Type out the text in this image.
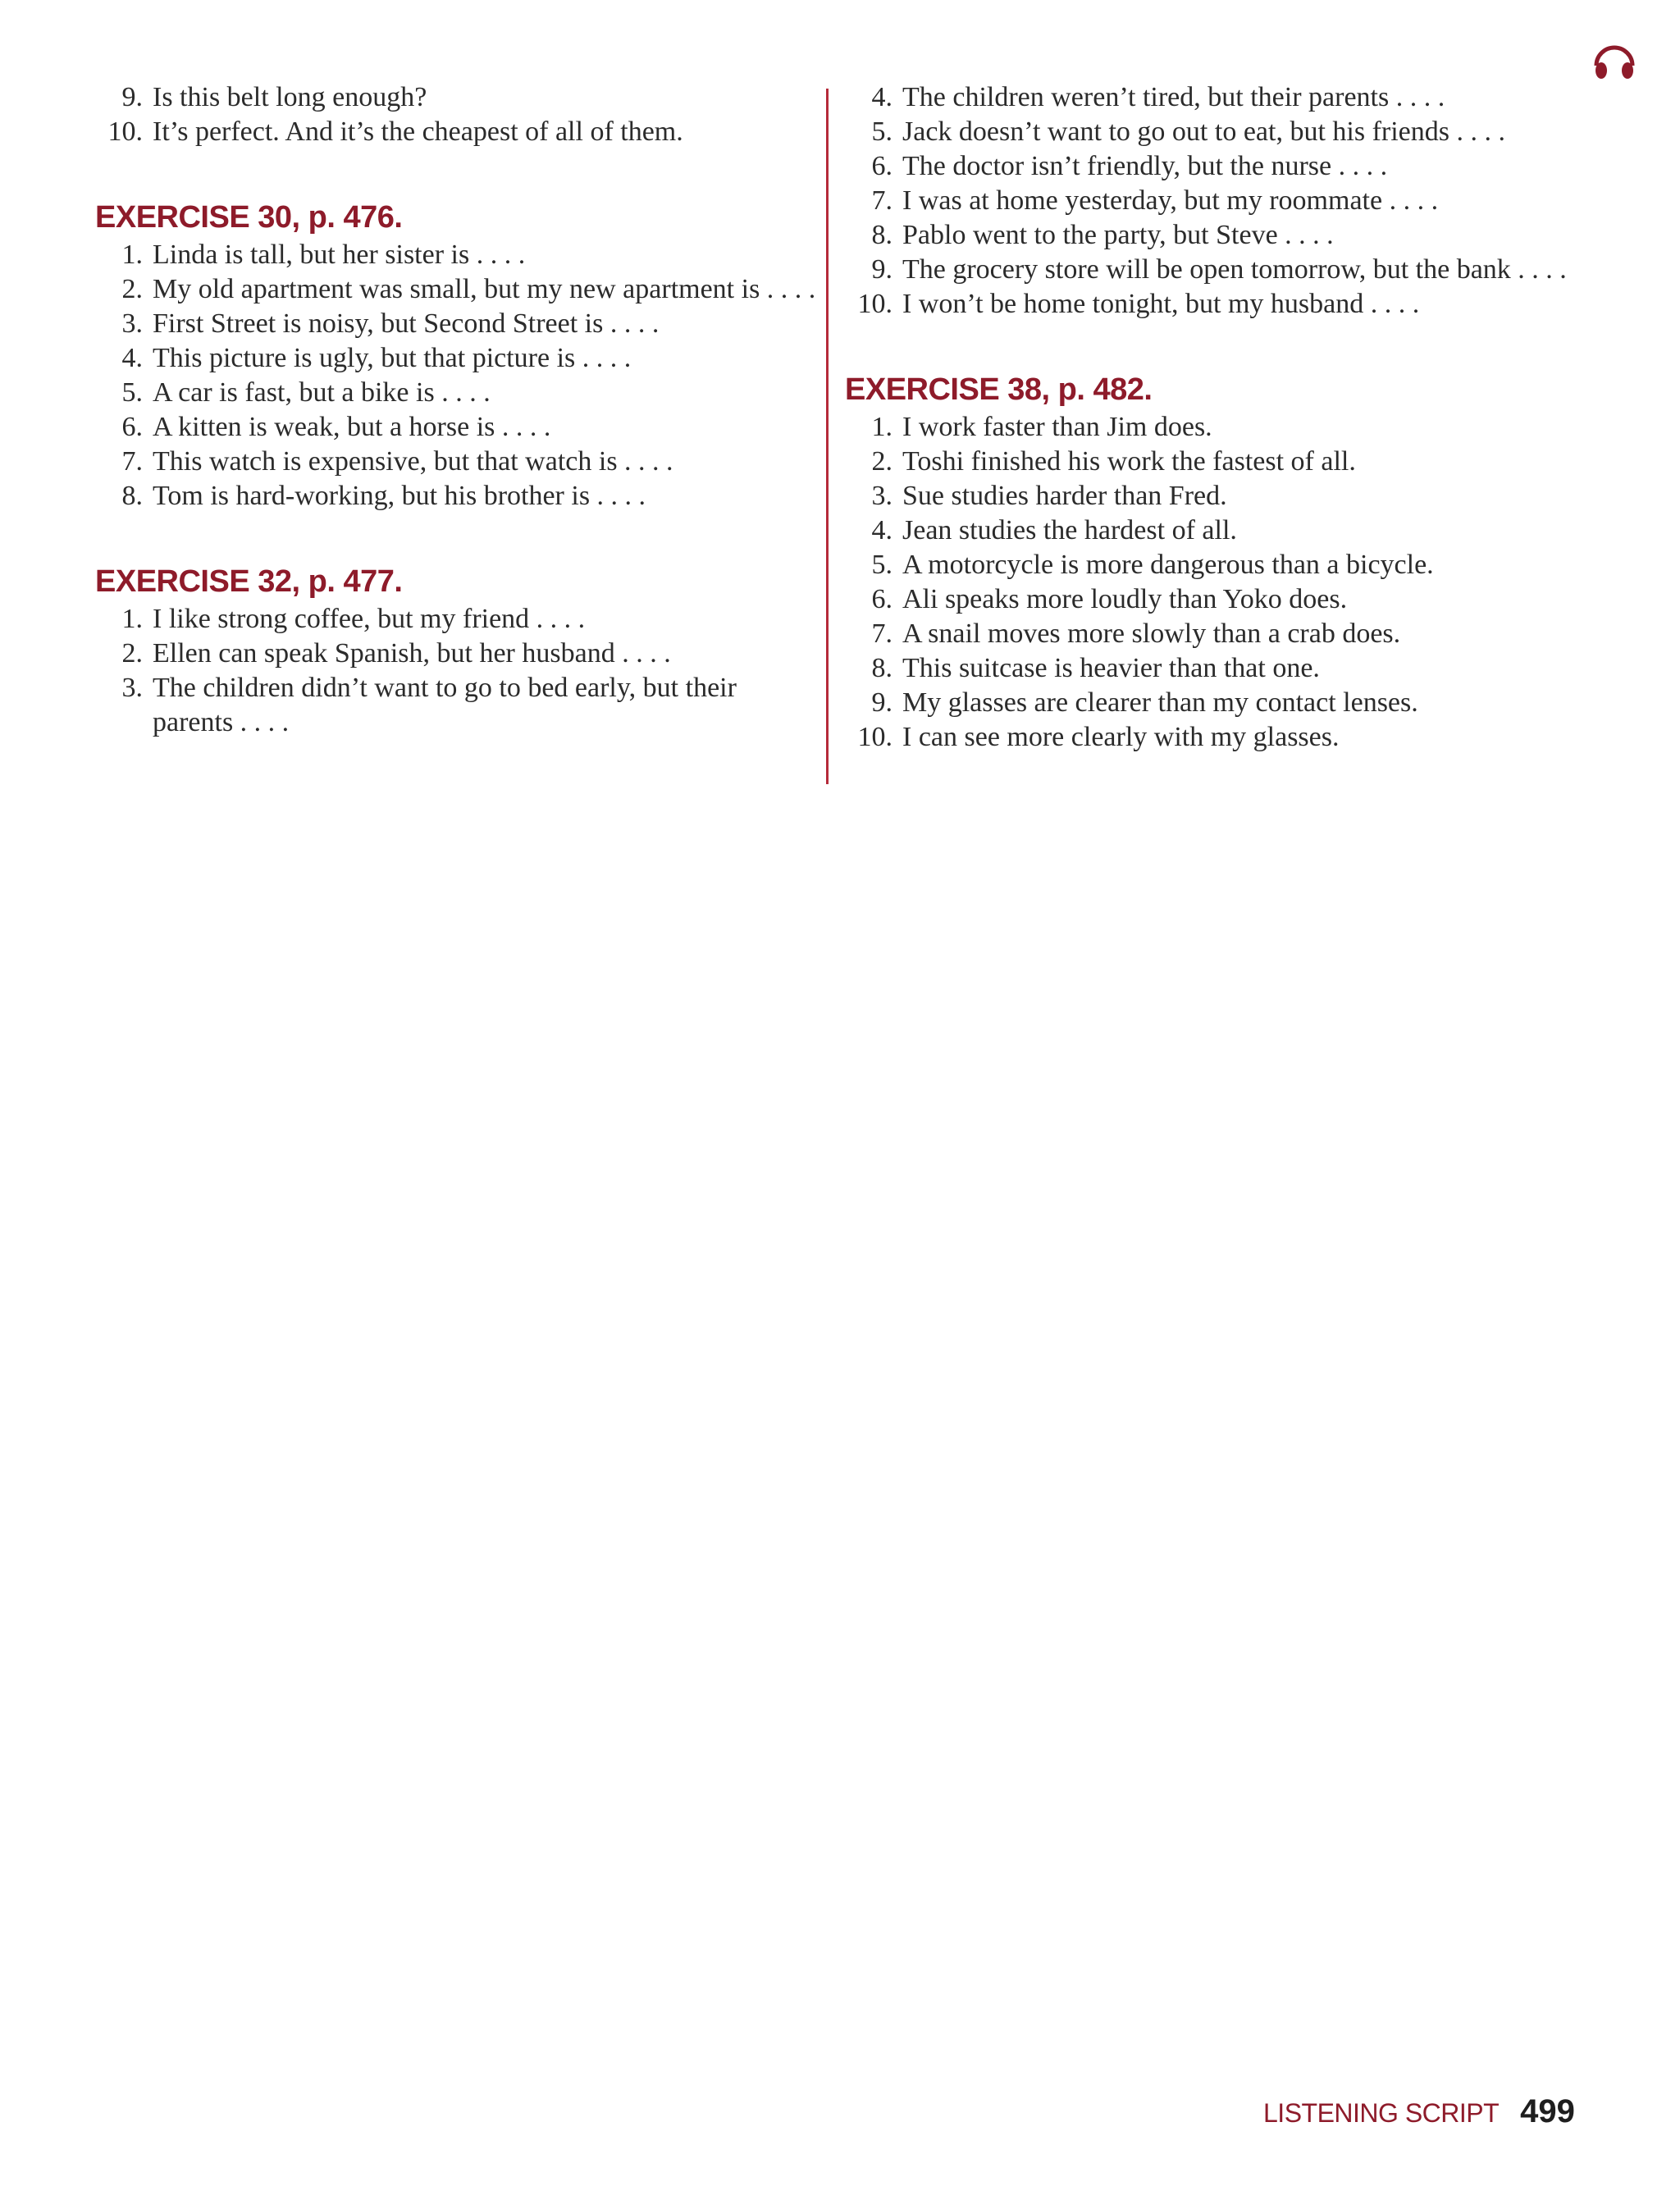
9. Is this belt long enough?
10. It’s perfect. And it’s the cheapest of all of them.
EXERCISE 30, p. 476.
1. Linda is tall, but her sister is . . . .
2. My old apartment was small, but my new apartment is . . . .
3. First Street is noisy, but Second Street is . . . .
4. This picture is ugly, but that picture is . . . .
5. A car is fast, but a bike is . . . .
6. A kitten is weak, but a horse is . . . .
7. This watch is expensive, but that watch is . . . .
8. Tom is hard-working, but his brother is . . . .
EXERCISE 32, p. 477.
1. I like strong coffee, but my friend . . . .
2. Ellen can speak Spanish, but her husband . . . .
3. The children didn’t want to go to bed early, but their parents . . . .
4. The children weren’t tired, but their parents . . . .
5. Jack doesn’t want to go out to eat, but his friends . . . .
6. The doctor isn’t friendly, but the nurse . . . .
7. I was at home yesterday, but my roommate . . . .
8. Pablo went to the party, but Steve . . . .
9. The grocery store will be open tomorrow, but the bank . . . .
10. I won’t be home tonight, but my husband . . . .
EXERCISE 38, p. 482.
1. I work faster than Jim does.
2. Toshi finished his work the fastest of all.
3. Sue studies harder than Fred.
4. Jean studies the hardest of all.
5. A motorcycle is more dangerous than a bicycle.
6. Ali speaks more loudly than Yoko does.
7. A snail moves more slowly than a crab does.
8. This suitcase is heavier than that one.
9. My glasses are clearer than my contact lenses.
10. I can see more clearly with my glasses.
LISTENING SCRIPT 499
